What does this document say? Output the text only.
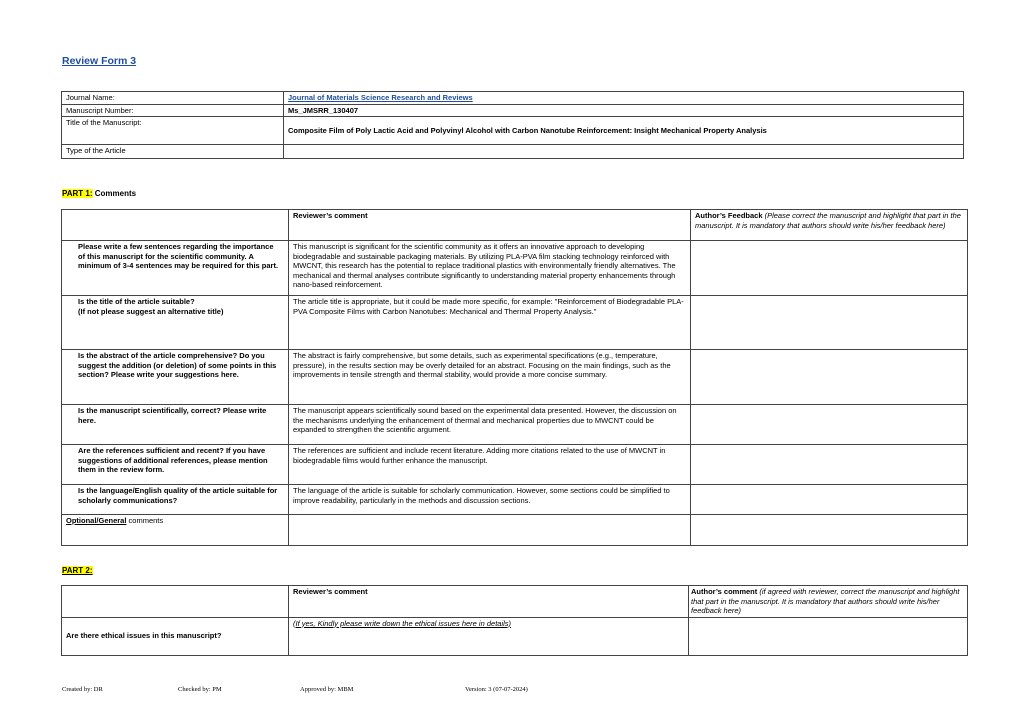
Review Form 3
Journal Name:	Journal of Materials Science Research and Reviews
Manuscript Number:	Ms_JMSRR_130407
Title of the Manuscript:	Composite Film of Poly Lactic Acid and Polyvinyl Alcohol with Carbon Nanotube Reinforcement: Insight Mechanical Property Analysis
Type of the Article	
PART 1: Comments
	Reviewer’s comment	Author’s Feedback (Please correct the manuscript and highlight that part in the manuscript. It is mandatory that authors should write his/her feedback here)
Please write a few sentences regarding the importance of this manuscript for the scientific community. A minimum of 3-4 sentences may be required for this part.	This manuscript is significant for the scientific community as it offers an innovative approach to developing biodegradable and sustainable packaging materials. By utilizing PLA-PVA film stacking technology reinforced with MWCNT, this research has the potential to replace traditional plastics with environmentally friendly alternatives. The mechanical and thermal analyses contribute significantly to understanding material property enhancements through nano-based reinforcement.	
Is the title of the article suitable?
(If not please suggest an alternative title)	The article title is appropriate, but it could be made more specific, for example: "Reinforcement of Biodegradable PLA-PVA Composite Films with Carbon Nanotubes: Mechanical and Thermal Property Analysis."	
Is the abstract of the article comprehensive? Do you suggest the addition (or deletion) of some points in this section? Please write your suggestions here.	The abstract is fairly comprehensive, but some details, such as experimental specifications (e.g., temperature, pressure), in the results section may be overly detailed for an abstract. Focusing on the main findings, such as the improvements in tensile strength and thermal stability, would provide a more concise summary.	
Is the manuscript scientifically, correct? Please write here.	The manuscript appears scientifically sound based on the experimental data presented. However, the discussion on the mechanisms underlying the enhancement of thermal and mechanical properties due to MWCNT could be expanded to strengthen the scientific argument.	
Are the references sufficient and recent? If you have suggestions of additional references, please mention them in the review form.	The references are sufficient and include recent literature. Adding more citations related to the use of MWCNT in biodegradable films would further enhance the manuscript.	
Is the language/English quality of the article suitable for scholarly communications?	The language of the article is suitable for scholarly communication. However, some sections could be simplified to improve readability, particularly in the methods and discussion sections.	
Optional/General comments		
PART 2:
	Reviewer’s comment	Author’s comment (if agreed with reviewer, correct the manuscript and highlight that part in the manuscript. It is mandatory that authors should write his/her feedback here)
Are there ethical issues in this manuscript?	(If yes, Kindly please write down the ethical issues here in details)	
Created by: DR	Checked by: PM	Approved by: MBM	Version: 3 (07-07-2024)
